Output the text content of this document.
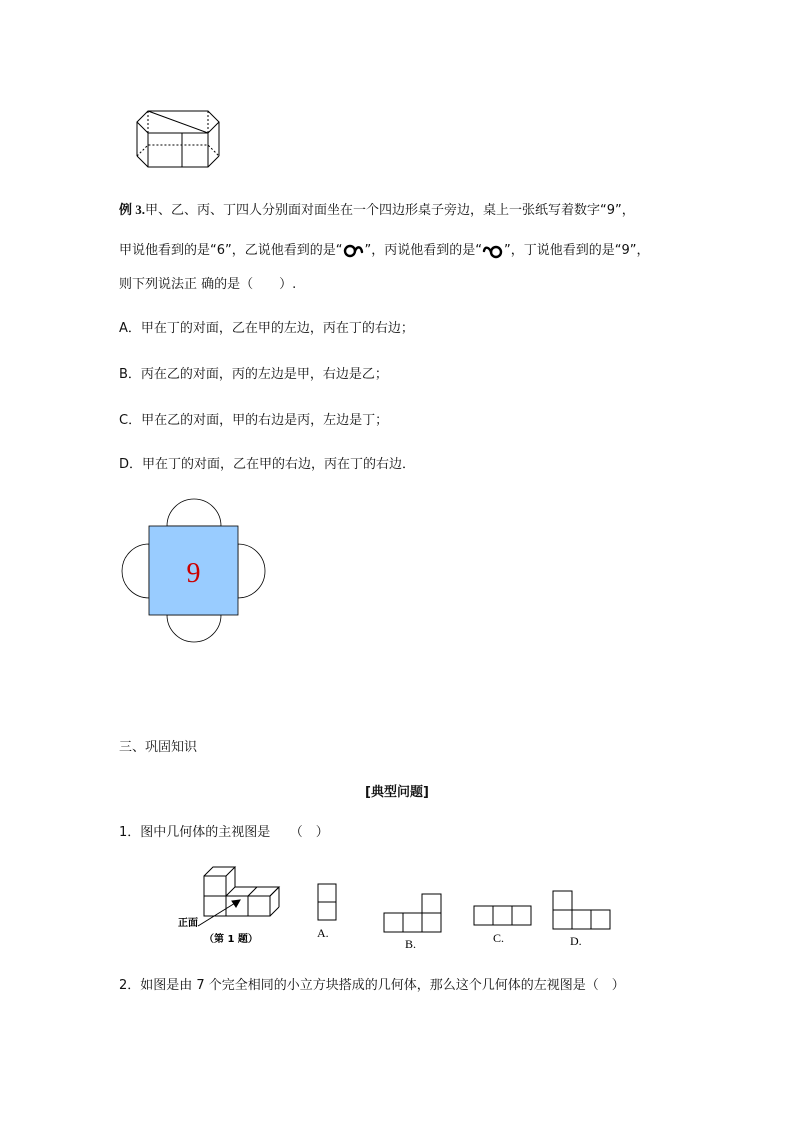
例 3.甲、乙、丙、丁四人分别面对面坐在一个四边形桌子旁边，桌上一张纸写着数字“9”，
甲说他看到的是“6”，乙说他看到的是“ ”，丙说他看到的是“ ”，丁说他看到的是“9”，
则下列说法正 确的是（　　）.
A．甲在丁的对面，乙在甲的左边，丙在丁的右边；
B．丙在乙的对面，丙的左边是甲，右边是乙；
C．甲在乙的对面，甲的右边是丙，左边是丁；
D．甲在丁的对面，乙在甲的右边，丙在丁的右边．
9
三、巩固知识
[典型问题]
1．图中几何体的主视图是　　（　）
正面
（第 1 题）	A.
B.	C.	D.
2．如图是由 7 个完全相同的小立方块搭成的几何体，那么这个几何体的左视图是（　）
